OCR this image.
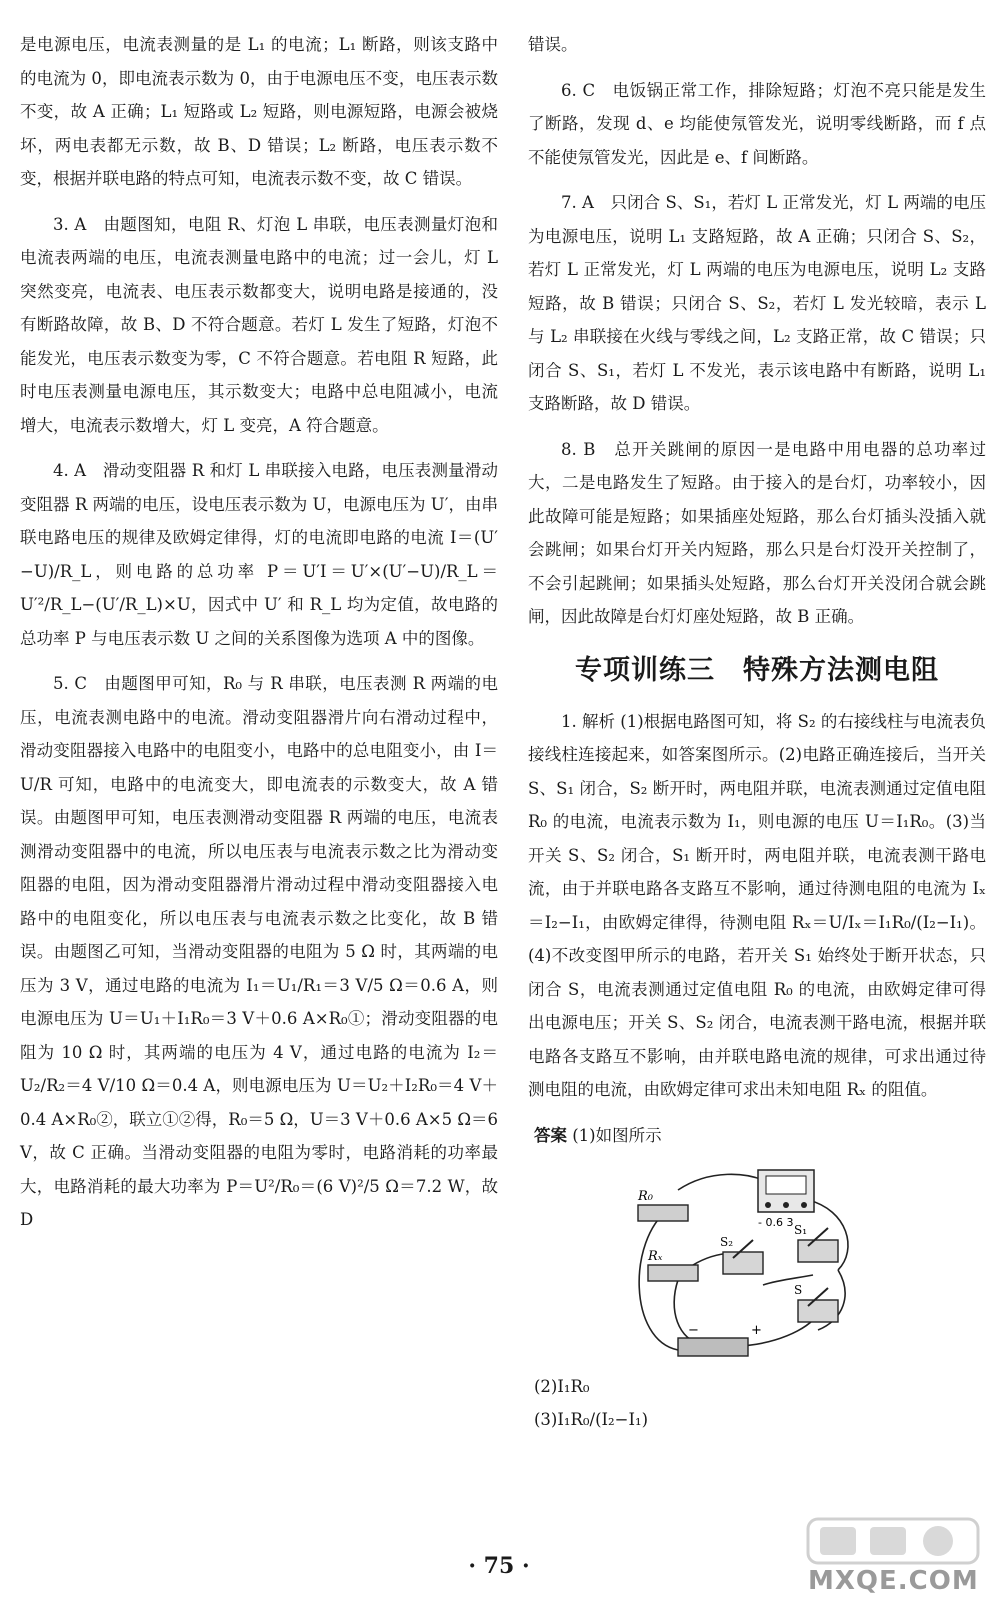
是电源电压，电流表测量的是 L₁ 的电流；L₁ 断路，则该支路中的电流为 0，即电流表示数为 0，由于电源电压不变，电压表示数不变，故 A 正确；L₁ 短路或 L₂ 短路，则电源短路，电源会被烧坏，两电表都无示数，故 B、D 错误；L₂ 断路，电压表示数不变，根据并联电路的特点可知，电流表示数不变，故 C 错误。

3. A　由题图知，电阻 R、灯泡 L 串联，电压表测量灯泡和电流表两端的电压，电流表测量电路中的电流；过一会儿，灯 L 突然变亮，电流表、电压表示数都变大，说明电路是接通的，没有断路故障，故 B、D 不符合题意。若灯 L 发生了短路，灯泡不能发光，电压表示数变为零，C 不符合题意。若电阻 R 短路，此时电压表测量电源电压，其示数变大；电路中总电阻减小，电流增大，电流表示数增大，灯 L 变亮，A 符合题意。

4. A　滑动变阻器 R 和灯 L 串联接入电路，电压表测量滑动变阻器 R 两端的电压，设电压表示数为 U，电源电压为 U′，由串联电路电压的规律及欧姆定律得，灯的电流即电路的电流 I＝(U′−U)/R_L，则电路的总功率 P＝U′I＝U′×(U′−U)/R_L＝U′²/R_L−(U′/R_L)×U，因式中 U′ 和 R_L 均为定值，故电路的总功率 P 与电压表示数 U 之间的关系图像为选项 A 中的图像。

5. C　由题图甲可知，R₀ 与 R 串联，电压表测 R 两端的电压，电流表测电路中的电流。滑动变阻器滑片向右滑动过程中，滑动变阻器接入电路中的电阻变小，电路中的总电阻变小，由 I＝U/R 可知，电路中的电流变大，即电流表的示数变大，故 A 错误。由题图甲可知，电压表测滑动变阻器 R 两端的电压，电流表测滑动变阻器中的电流，所以电压表与电流表示数之比为滑动变阻器的电阻，因为滑动变阻器滑片滑动过程中滑动变阻器接入电路中的电阻变化，所以电压表与电流表示数之比变化，故 B 错误。由题图乙可知，当滑动变阻器的电阻为 5 Ω 时，其两端的电压为 3 V，通过电路的电流为 I₁＝U₁/R₁＝3 V/5 Ω＝0.6 A，则电源电压为 U＝U₁＋I₁R₀＝3 V＋0.6 A×R₀①；滑动变阻器的电阻为 10 Ω 时，其两端的电压为 4 V，通过电路的电流为 I₂＝U₂/R₂＝4 V/10 Ω＝0.4 A，则电源电压为 U＝U₂＋I₂R₀＝4 V＋0.4 A×R₀②，联立①②得，R₀＝5 Ω，U＝3 V＋0.6 A×5 Ω＝6 V，故 C 正确。当滑动变阻器的电阻为零时，电路消耗的功率最大，电路消耗的最大功率为 P＝U²/R₀＝(6 V)²/5 Ω＝7.2 W，故 D

错误。

6. C　电饭锅正常工作，排除短路；灯泡不亮只能是发生了断路，发现 d、e 均能使氖管发光，说明零线断路，而 f 点不能使氖管发光，因此是 e、f 间断路。

7. A　只闭合 S、S₁，若灯 L 正常发光，灯 L 两端的电压为电源电压，说明 L₁ 支路短路，故 A 正确；只闭合 S、S₂，若灯 L 正常发光，灯 L 两端的电压为电源电压，说明 L₂ 支路短路，故 B 错误；只闭合 S、S₂，若灯 L 发光较暗，表示 L 与 L₂ 串联接在火线与零线之间，L₂ 支路正常，故 C 错误；只闭合 S、S₁，若灯 L 不发光，表示该电路中有断路，说明 L₁ 支路断路，故 D 错误。

8. B　总开关跳闸的原因一是电路中用电器的总功率过大，二是电路发生了短路。由于接入的是台灯，功率较小，因此故障可能是短路；如果插座处短路，那么台灯插头没插入就会跳闸；如果台灯开关内短路，那么只是台灯没开关控制了，不会引起跳闸；如果插头处短路，那么台灯开关没闭合就会跳闸，因此故障是台灯灯座处短路，故 B 正确。

专项训练三　特殊方法测电阻

1. 解析 (1)根据电路图可知，将 S₂ 的右接线柱与电流表负接线柱连接起来，如答案图所示。(2)电路正确连接后，当开关 S、S₁ 闭合，S₂ 断开时，两电阻并联，电流表测通过定值电阻 R₀ 的电流，电流表示数为 I₁，则电源的电压 U＝I₁R₀。(3)当开关 S、S₂ 闭合，S₁ 断开时，两电阻并联，电流表测干路电流，由于并联电路各支路互不影响，通过待测电阻的电流为 Iₓ＝I₂−I₁，由欧姆定律得，待测电阻 Rₓ＝U/Iₓ＝I₁R₀/(I₂−I₁)。(4)不改变图甲所示的电路，若开关 S₁ 始终处于断开状态，只闭合 S，电流表测通过定值电阻 R₀ 的电流，由欧姆定律可得出电源电压；开关 S、S₂ 闭合，电流表测干路电流，根据并联电路各支路互不影响，由并联电路电流的规律，可求出通过待测电阻的电流，由欧姆定律可求出未知电阻 Rₓ 的阻值。

答案 (1)如图所示
R₀
Rₓ
S₂
S₁
S
- 0.6 3
−	+
(2)I₁R₀
(3)I₁R₀/(I₂−I₁)
· 75 ·	MXQE.COM
